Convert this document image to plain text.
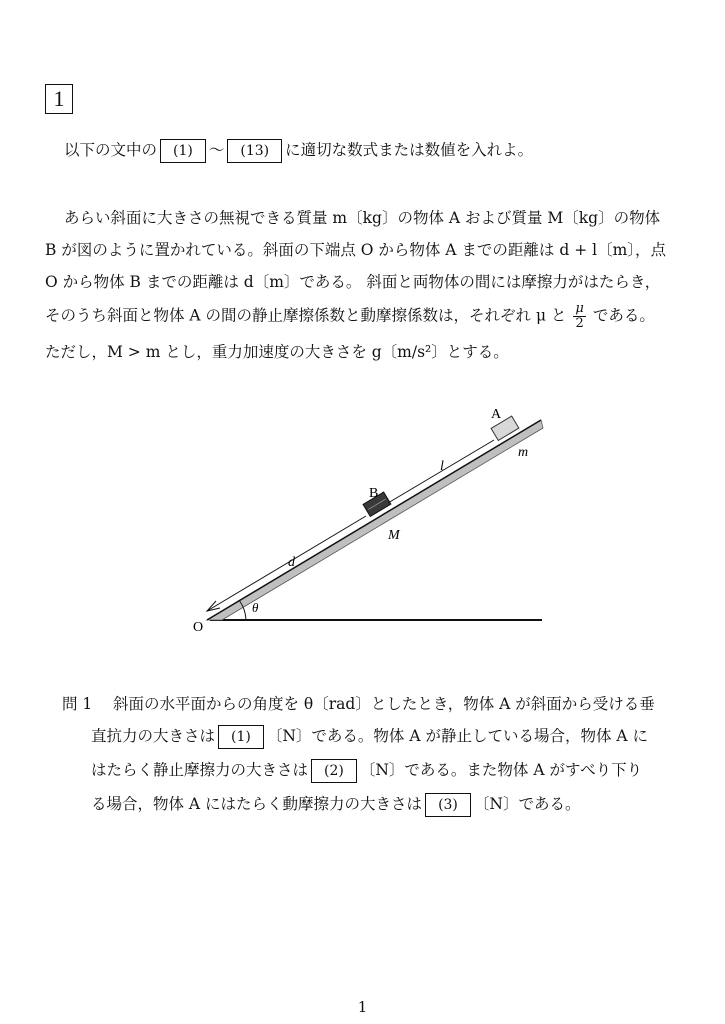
1
以下の文中の (1) 〜 (13) に適切な数式または数値を入れよ。
あらい斜面に大きさの無視できる質量 m〔kg〕の物体 A および質量 M〔kg〕の物体
B が図のように置かれている。斜面の下端点 O から物体 A までの距離は d + l〔m〕，点
O から物体 B までの距離は d〔m〕である。 斜面と両物体の間には摩擦力がはたらき，
そのうち斜面と物体 A の間の静止摩擦係数と動摩擦係数は，それぞれ μ と $\frac{\mu}{2}$ である。
ただし，M > m とし，重力加速度の大きさを g〔m/s²〕とする。
A
B
O
l
m
M
d
θ
問 1 斜面の水平面からの角度を θ〔rad〕としたとき，物体 A が斜面から受ける垂
直抗力の大きさは (1) 〔N〕である。物体 A が静止している場合，物体 A に
はたらく静止摩擦力の大きさは (2) 〔N〕である。また物体 A がすべり下り
る場合，物体 A にはたらく動摩擦力の大きさは (3) 〔N〕である。
1
